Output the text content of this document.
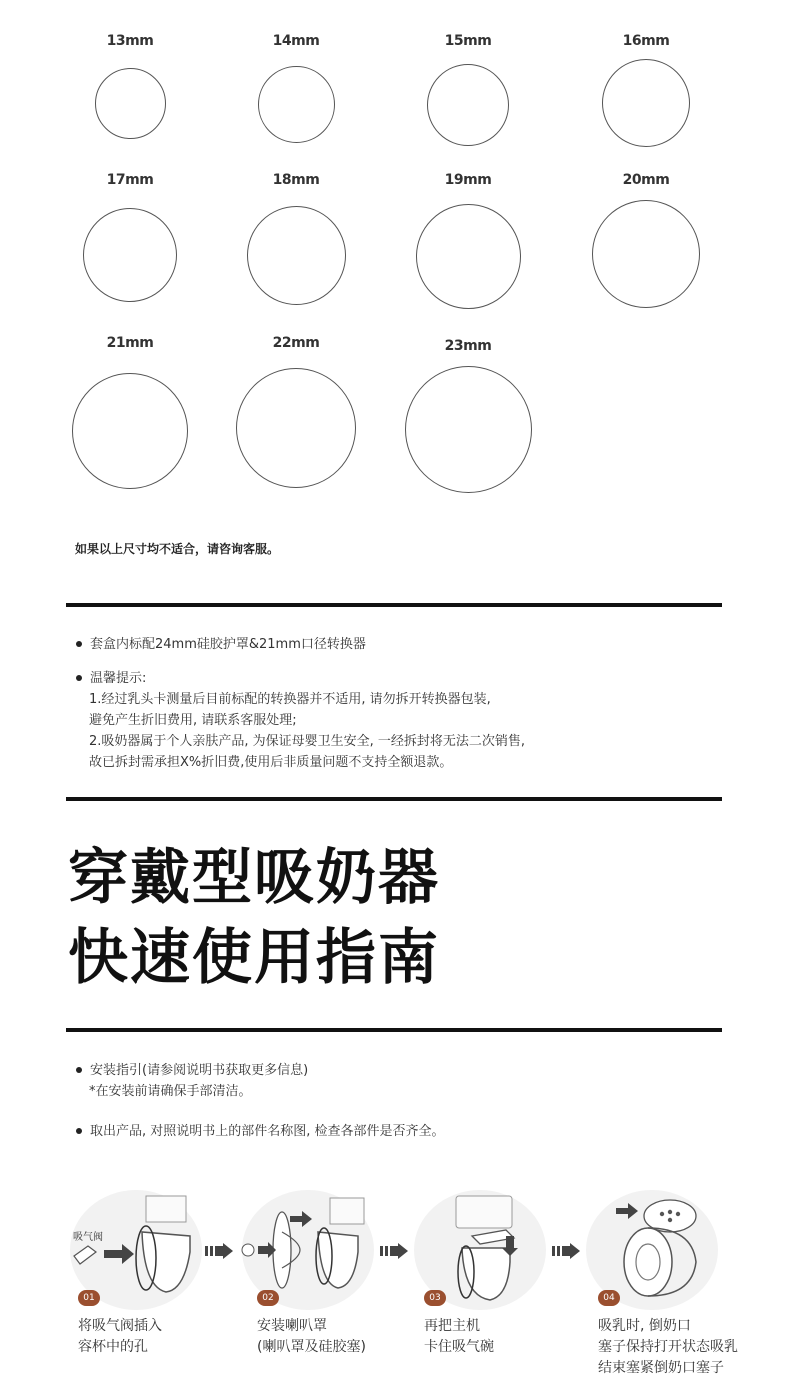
13mm	14mm	15mm	16mm
17mm	18mm	19mm	20mm
21mm	22mm	23mm
如果以上尺寸均不适合，请咨询客服。
套盒内标配24mm硅胶护罩&21mm口径转换器
温馨提示:
1.经过乳头卡测量后目前标配的转换器并不适用, 请勿拆开转换器包装,
避免产生折旧费用, 请联系客服处理;
2.吸奶器属于个人亲肤产品, 为保证母婴卫生安全, 一经拆封将无法二次销售,
故已拆封需承担X%折旧费,使用后非质量问题不支持全额退款。
穿戴型吸奶器
快速使用指南
安装指引(请参阅说明书获取更多信息)
*在安装前请确保手部清洁。
取出产品, 对照说明书上的部件名称图, 检查各部件是否齐全。
吸气阀
01	02	03	04
将吸气阀插入
容杯中的孔
安装喇叭罩
(喇叭罩及硅胶塞)
再把主机
卡住吸气碗
吸乳时, 倒奶口
塞子保持打开状态吸乳
结束塞紧倒奶口塞子
